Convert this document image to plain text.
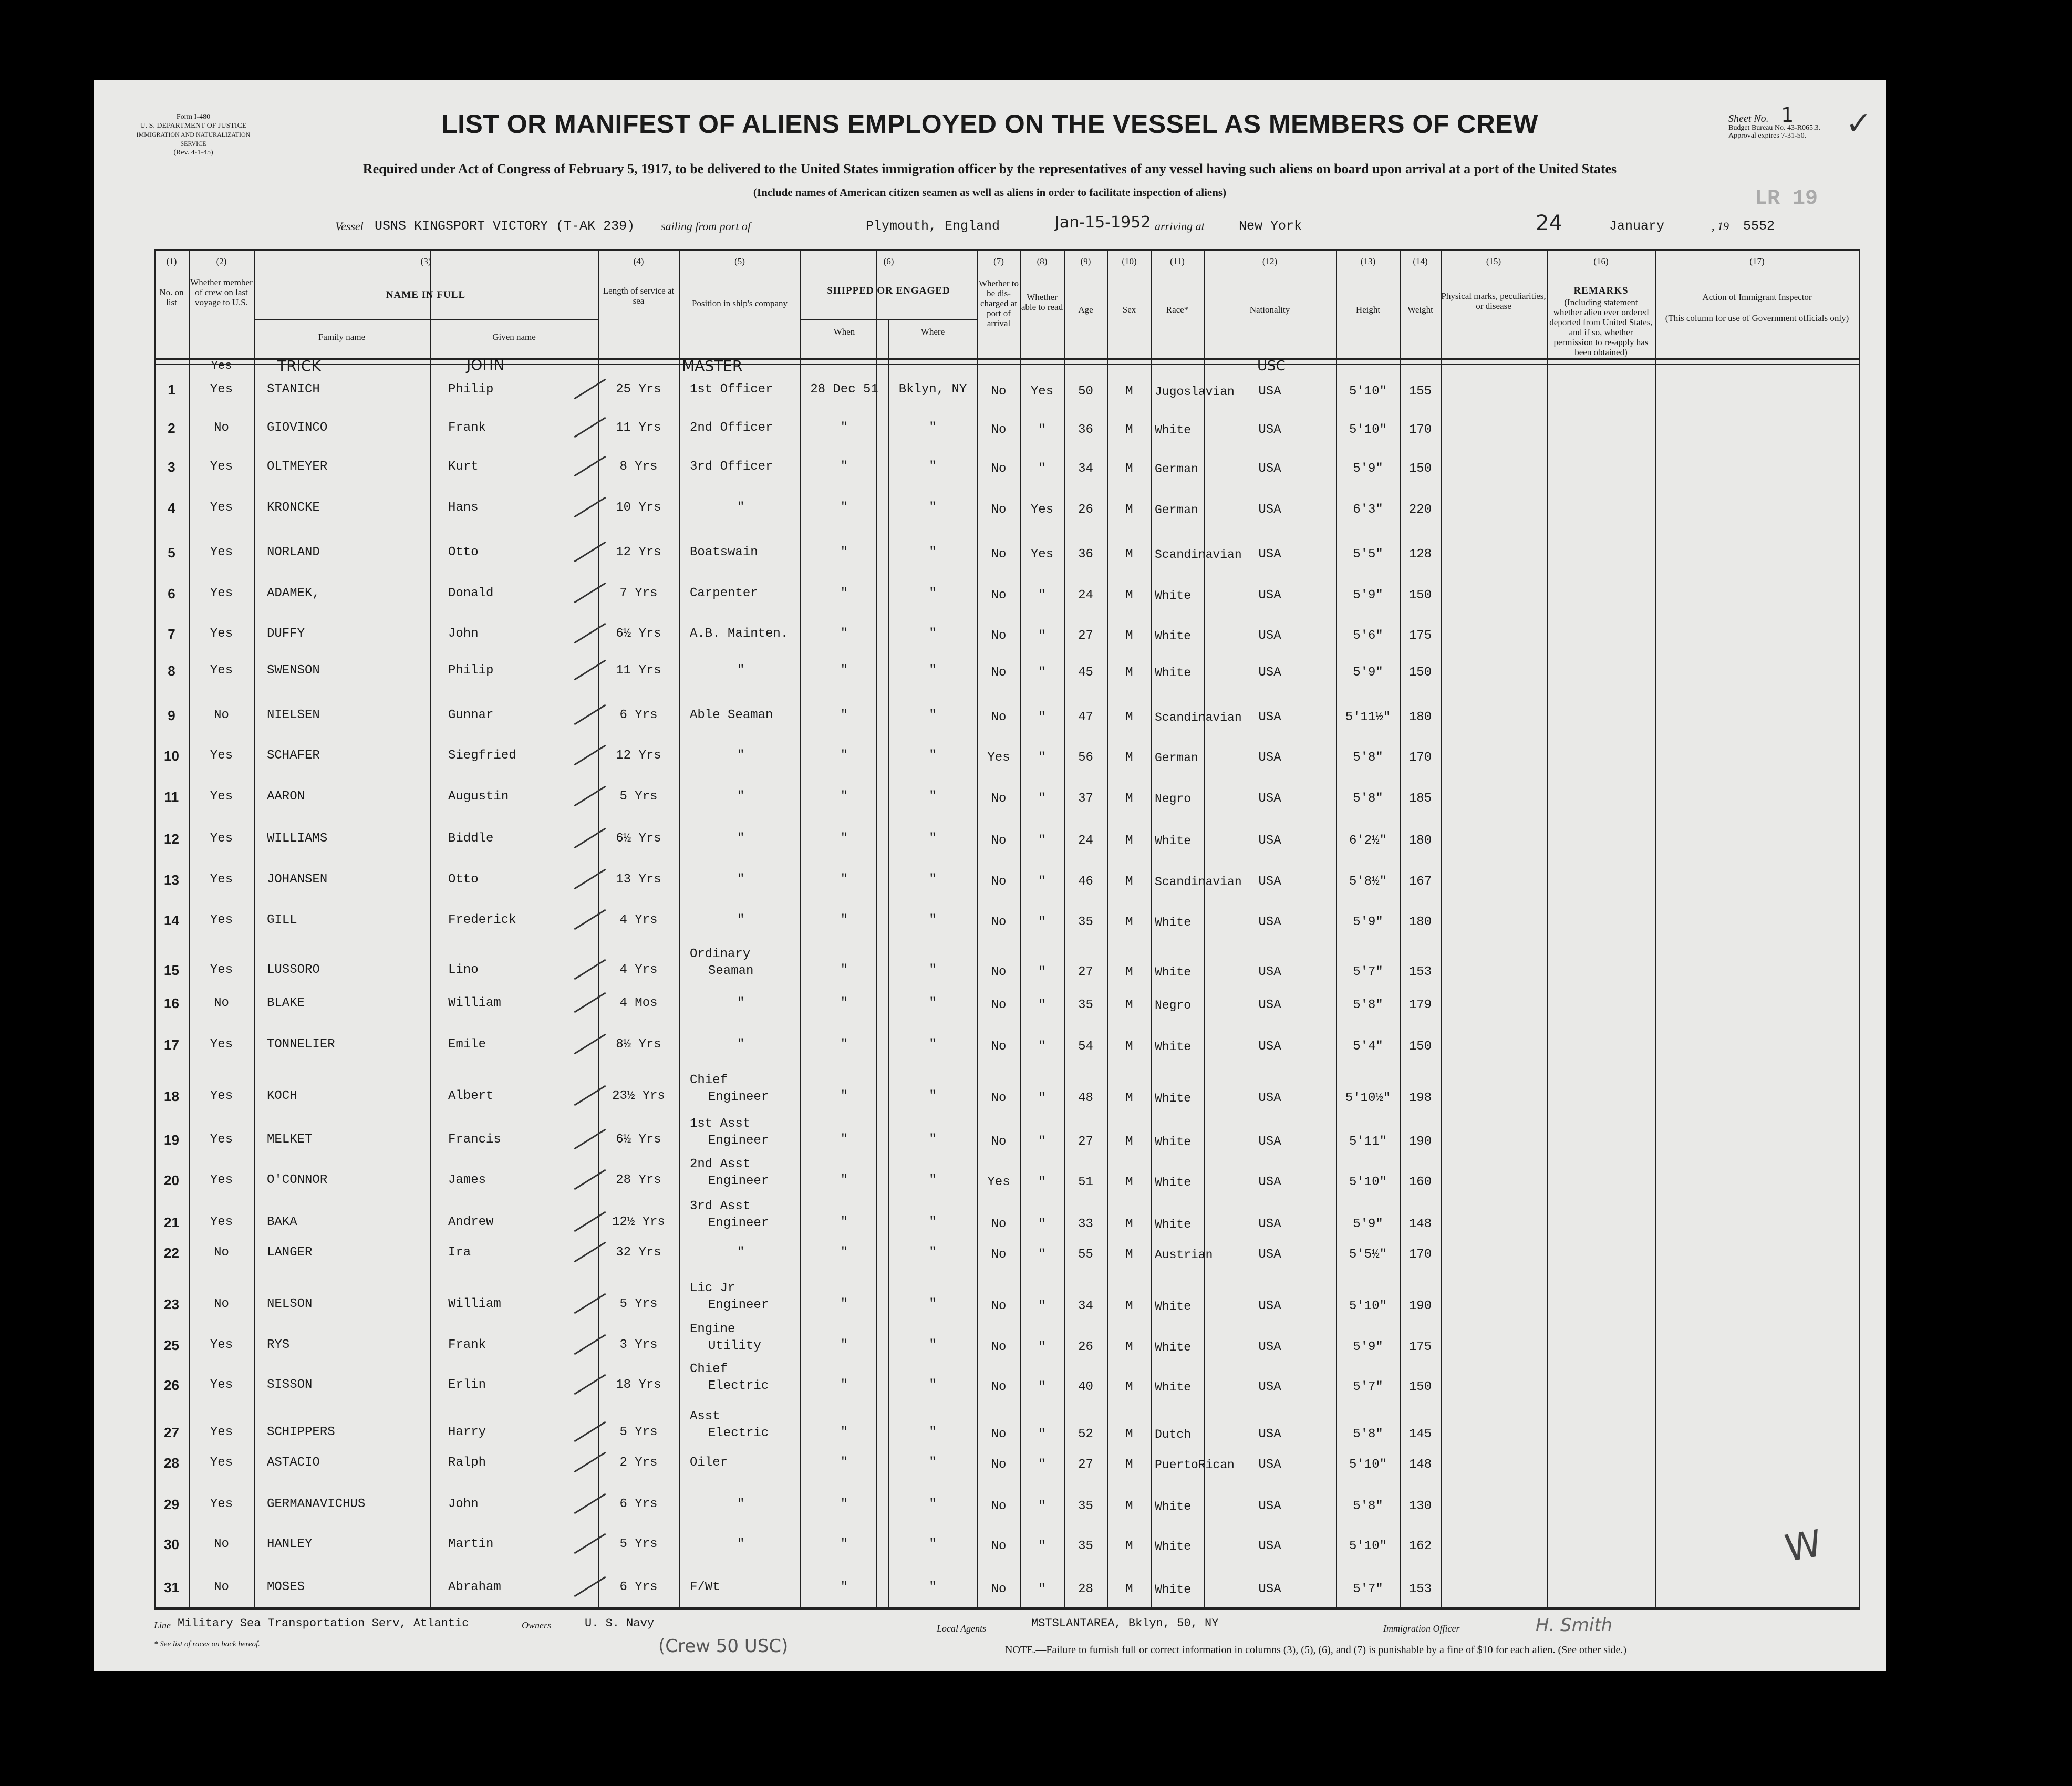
Form I-480
U. S. DEPARTMENT OF JUSTICE
IMMIGRATION AND NATURALIZATION SERVICE
(Rev. 4-1-45)
Sheet No. 1
Budget Bureau No. 43-R065.3.
Approval expires 7-31-50.
LR 19
LIST OR MANIFEST OF ALIENS EMPLOYED ON THE VESSEL AS MEMBERS OF CREW
Required under Act of Congress of February 5, 1917, to be delivered to the United States immigration officer by the representatives of any vessel having such aliens on board upon arrival at a port of the United States
(Include names of American citizen seamen as well as aliens in order to facilitate inspection of aliens)
Vessel USNS KINGSPORT VICTORY (T-AK 239) sailing from port of	Plymouth, England	Jan-15-1952 arriving at	New York	24	January	, 19 5552
(1)	(2)	(3)	(4)	(5)	(6)	(7)	(8)	(9)	(10)	(11)	(12)	(13)	(14)	(15)	(16)	(17)
No. on list
Whether member of crew on last voyage to U.S.
NAME IN FULL
Family name	Given name
Length of service at sea	Position in ship's company
SHIPPED OR ENGAGED
When	Where
Whether to be dis-charged at port of arrival
Whether able to read	Age	Sex	Race*	Nationality	Height	Weight
Physical marks, peculiarities, or disease
REMARKS
(Including statement whether alien ever ordered deported from United States, and if so, whether permission to re-apply has been obtained)
Action of Immigrant Inspector
(This column for use of Government officials only)
Yes	TRICK	JOHN	MASTER	USC
1	Yes	STANICH	Philip	25 Yrs	1st Officer	28 Dec 51	Bklyn, NY	No	Yes	50	M	Jugoslavian	USA	5'10"	155
2	No	GIOVINCO	Frank	11 Yrs	2nd Officer	"	"	No	"	36	M	White	USA	5'10"	170
3	Yes	OLTMEYER	Kurt	8 Yrs	3rd Officer	"	"	No	"	34	M	German	USA	5'9"	150
4	Yes	KRONCKE	Hans	10 Yrs	"	"	"	No	Yes	26	M	German	USA	6'3"	220
5	Yes	NORLAND	Otto	12 Yrs	Boatswain	"	"	No	Yes	36	M	Scandinavian	USA	5'5"	128
6	Yes	ADAMEK,	Donald	7 Yrs	Carpenter	"	"	No	"	24	M	White	USA	5'9"	150
7	Yes	DUFFY	John	6½ Yrs	A.B. Mainten.	"	"	No	"	27	M	White	USA	5'6"	175
8	Yes	SWENSON	Philip	11 Yrs	"	"	"	No	"	45	M	White	USA	5'9"	150
9	No	NIELSEN	Gunnar	6 Yrs	Able Seaman	"	"	No	"	47	M	Scandinavian	USA	5'11½"	180
10	Yes	SCHAFER	Siegfried	12 Yrs	"	"	"	Yes	"	56	M	German	USA	5'8"	170
11	Yes	AARON	Augustin	5 Yrs	"	"	"	No	"	37	M	Negro	USA	5'8"	185
12	Yes	WILLIAMS	Biddle	6½ Yrs	"	"	"	No	"	24	M	White	USA	6'2½"	180
13	Yes	JOHANSEN	Otto	13 Yrs	"	"	"	No	"	46	M	Scandinavian	USA	5'8½"	167
14	Yes	GILL	Frederick	4 Yrs	"	"	"	No	"	35	M	White	USA	5'9"	180
15	Yes	LUSSORO	Lino	4 Yrs
Ordinary
Seaman	"	"	No	"	27	M	White	USA	5'7"	153
16	No	BLAKE	William	4 Mos	"	"	"	No	"	35	M	Negro	USA	5'8"	179
17	Yes	TONNELIER	Emile	8½ Yrs	"	"	"	No	"	54	M	White	USA	5'4"	150
18	Yes	KOCH	Albert	23½ Yrs
Chief
Engineer	"	"	No	"	48	M	White	USA	5'10½"	198
19	Yes	MELKET	Francis	6½ Yrs
1st Asst
Engineer	"	"	No	"	27	M	White	USA	5'11"	190
20	Yes	O'CONNOR	James	28 Yrs
2nd Asst
Engineer	"	"	Yes	"	51	M	White	USA	5'10"	160
21	Yes	BAKA	Andrew	12½ Yrs
3rd Asst
Engineer	"	"	No	"	33	M	White	USA	5'9"	148
22	No	LANGER	Ira	32 Yrs	"	"	"	No	"	55	M	Austrian	USA	5'5½"	170
23	No	NELSON	William	5 Yrs
Lic Jr
Engineer	"	"	No	"	34	M	White	USA	5'10"	190
25	Yes	RYS	Frank	3 Yrs
Engine
Utility	"	"	No	"	26	M	White	USA	5'9"	175
26	Yes	SISSON	Erlin	18 Yrs
Chief
Electric	"	"	No	"	40	M	White	USA	5'7"	150
27	Yes	SCHIPPERS	Harry	5 Yrs
Asst
Electric	"	"	No	"	52	M	Dutch	USA	5'8"	145
28	Yes	ASTACIO	Ralph	2 Yrs	Oiler	"	"	No	"	27	M	PuertoRican	USA	5'10"	148
29	Yes	GERMANAVICHUS	John	6 Yrs	"	"	"	No	"	35	M	White	USA	5'8"	130
30	No	HANLEY	Martin	5 Yrs	"	"	"	No	"	35	M	White	USA	5'10"	162
31	No	MOSES	Abraham	6 Yrs	F/Wt	"	"	No	"	28	M	White	USA	5'7"	153
Line Military Sea Transportation Serv, Atlantic	Owners	U. S. Navy
(Crew 50 USC)
Local Agents	MSTSLANTAREA, Bklyn, 50, NY	Immigration Officer	H. Smith
* See list of races on back hereof.	NOTE.—Failure to furnish full or correct information in columns (3), (5), (6), and (7) is punishable by a fine of $10 for each alien. (See other side.)
W
✓
